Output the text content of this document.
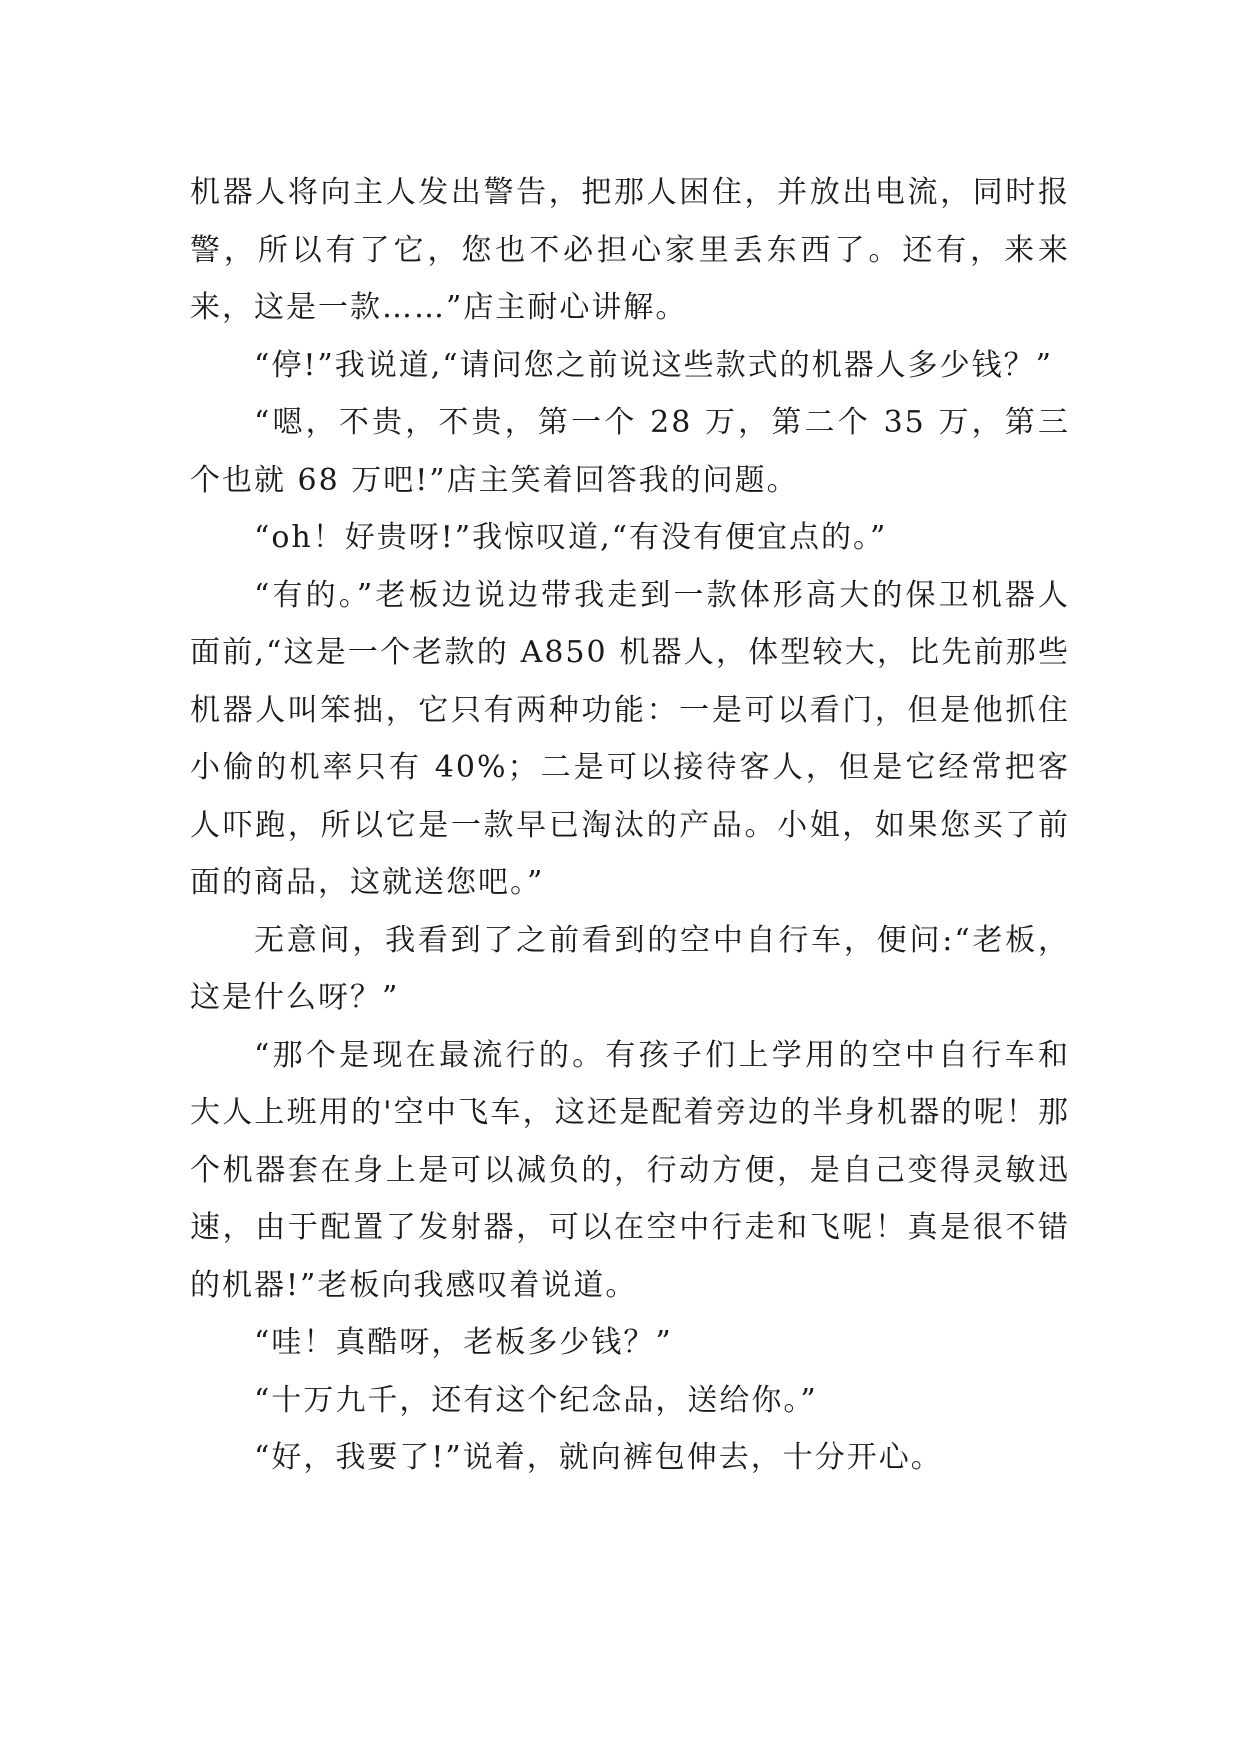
机器人将向主人发出警告，把那人困住，并放出电流，同时报警，所以有了它，您也不必担心家里丢东西了。还有，来来来，这是一款……”店主耐心讲解。

“停!”我说道,“请问您之前说这些款式的机器人多少钱？”

“嗯，不贵，不贵，第一个 28 万，第二个 35 万，第三个也就 68 万吧!”店主笑着回答我的问题。

“oh！好贵呀!”我惊叹道,“有没有便宜点的。”

“有的。”老板边说边带我走到一款体形高大的保卫机器人面前,“这是一个老款的 A850 机器人，体型较大，比先前那些机器人叫笨拙，它只有两种功能：一是可以看门，但是他抓住小偷的机率只有 40%；二是可以接待客人，但是它经常把客人吓跑，所以它是一款早已淘汰的产品。小姐，如果您买了前面的商品，这就送您吧。”

无意间，我看到了之前看到的空中自行车，便问:“老板，这是什么呀？”

“那个是现在最流行的。有孩子们上学用的空中自行车和大人上班用的'空中飞车，这还是配着旁边的半身机器的呢！那个机器套在身上是可以减负的，行动方便，是自己变得灵敏迅速，由于配置了发射器，可以在空中行走和飞呢！真是很不错的机器!”老板向我感叹着说道。

“哇！真酷呀，老板多少钱？”

“十万九千，还有这个纪念品，送给你。”

“好，我要了!”说着，就向裤包伸去，十分开心。
